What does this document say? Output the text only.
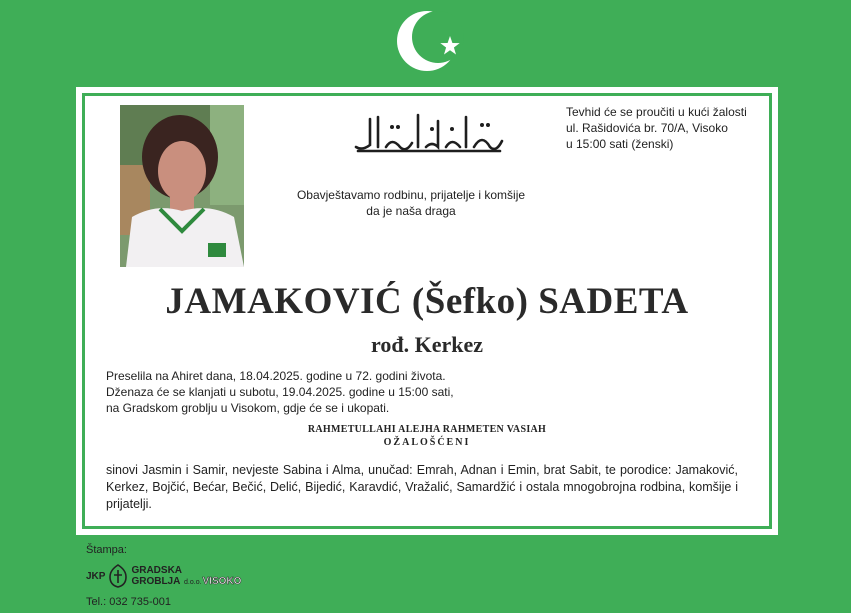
Tevhid će se proučiti u kući žalosti
ul. Rašidovića br. 70/A, Visoko
u 15:00 sati (ženski)
Obavještavamo rodbinu, prijatelje i komšije
da je naša draga
JAMAKOVIĆ (Šefko) SADETA
rođ. Kerkez
Preselila na Ahiret dana, 18.04.2025. godine u 72. godini života.
Dženaza će se klanjati u subotu, 19.04.2025. godine u 15:00 sati,
na Gradskom groblju u Visokom, gdje će se i ukopati.
RAHMETULLAHI ALEJHA RAHMETEN VASIAH
OŽALOŠĆENI
sinovi Jasmin i Samir, nevjeste Sabina i Alma, unučad: Emrah, Adnan i Emin, brat Sabit, te porodice: Jamaković, Kerkez, Bojčić, Bećar, Bečić, Delić, Bijedić, Karavdić, Vražalić, Samardžić i ostala mnogobrojna rodbina, komšije i prijatelji.
Štampa:
JKP	GRADSKA
GROBLJA d.o.o. VISOKO
Tel.: 032 735-001
